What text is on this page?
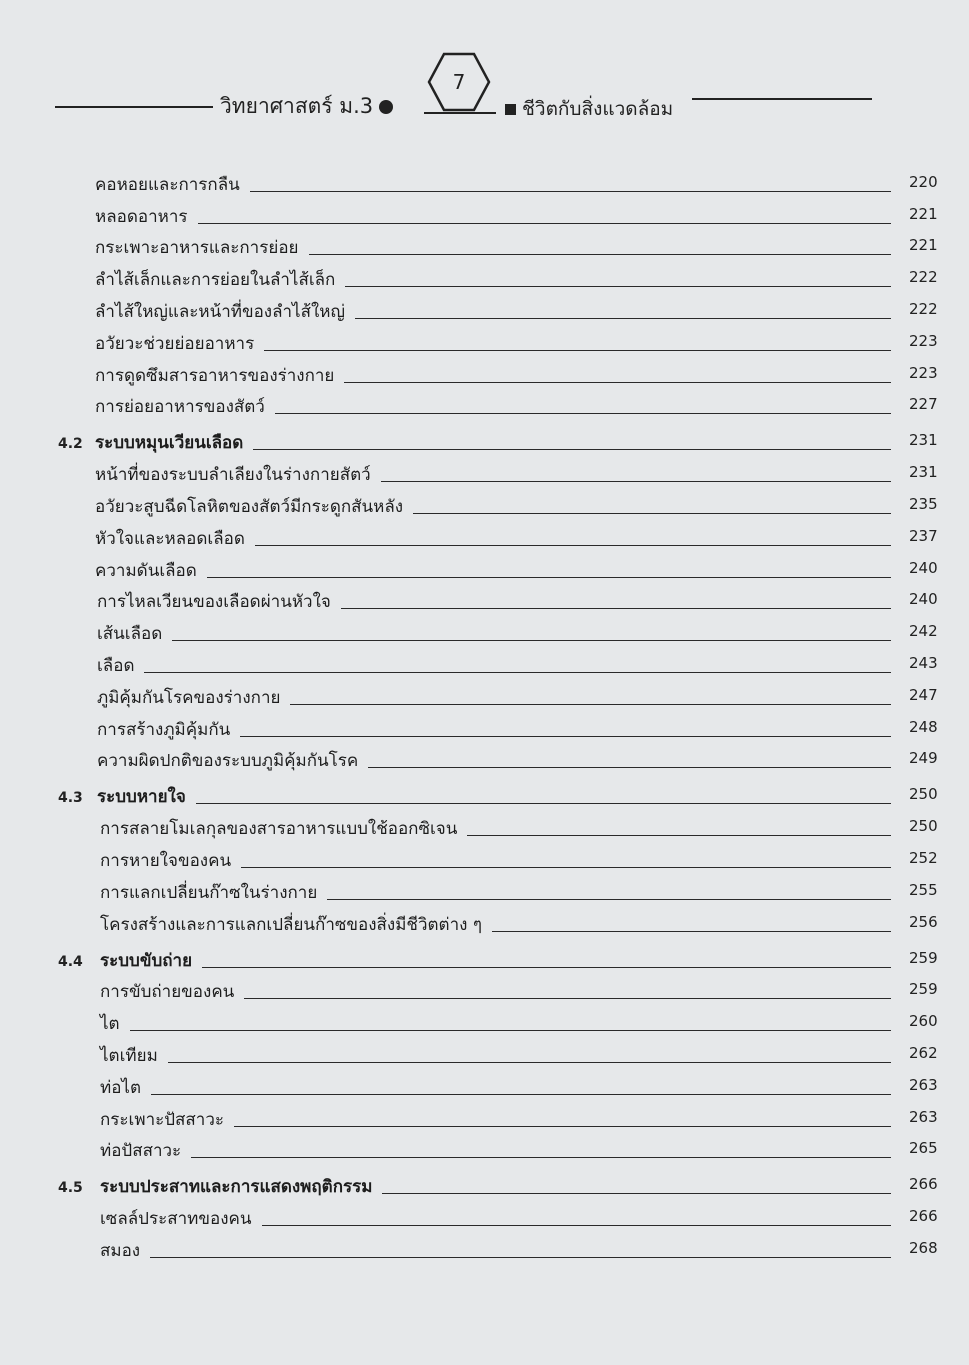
วิทยาศาสตร์ ม.3
7
ชีวิตกับสิ่งแวดล้อม
คอหอยและการกลืน	220
หลอดอาหาร	221
กระเพาะอาหารและการย่อย	221
ลำไส้เล็กและการย่อยในลำไส้เล็ก	222
ลำไส้ใหญ่และหน้าที่ของลำไส้ใหญ่	222
อวัยวะช่วยย่อยอาหาร	223
การดูดซึมสารอาหารของร่างกาย	223
การย่อยอาหารของสัตว์	227
4.2 ระบบหมุนเวียนเลือด	231
หน้าที่ของระบบลำเลียงในร่างกายสัตว์	231
อวัยวะสูบฉีดโลหิตของสัตว์มีกระดูกสันหลัง	235
หัวใจและหลอดเลือด	237
ความดันเลือด	240
การไหลเวียนของเลือดผ่านหัวใจ	240
เส้นเลือด	242
เลือด	243
ภูมิคุ้มกันโรคของร่างกาย	247
การสร้างภูมิคุ้มกัน	248
ความผิดปกติของระบบภูมิคุ้มกันโรค	249
4.3 ระบบหายใจ	250
การสลายโมเลกุลของสารอาหารแบบใช้ออกซิเจน	250
การหายใจของคน	252
การแลกเปลี่ยนก๊าซในร่างกาย	255
โครงสร้างและการแลกเปลี่ยนก๊าซของสิ่งมีชีวิตต่าง ๆ	256
4.4 ระบบขับถ่าย	259
การขับถ่ายของคน	259
ไต	260
ไตเทียม	262
ท่อไต	263
กระเพาะปัสสาวะ	263
ท่อปัสสาวะ	265
4.5 ระบบประสาทและการแสดงพฤติกรรม	266
เซลล์ประสาทของคน	266
สมอง	268
